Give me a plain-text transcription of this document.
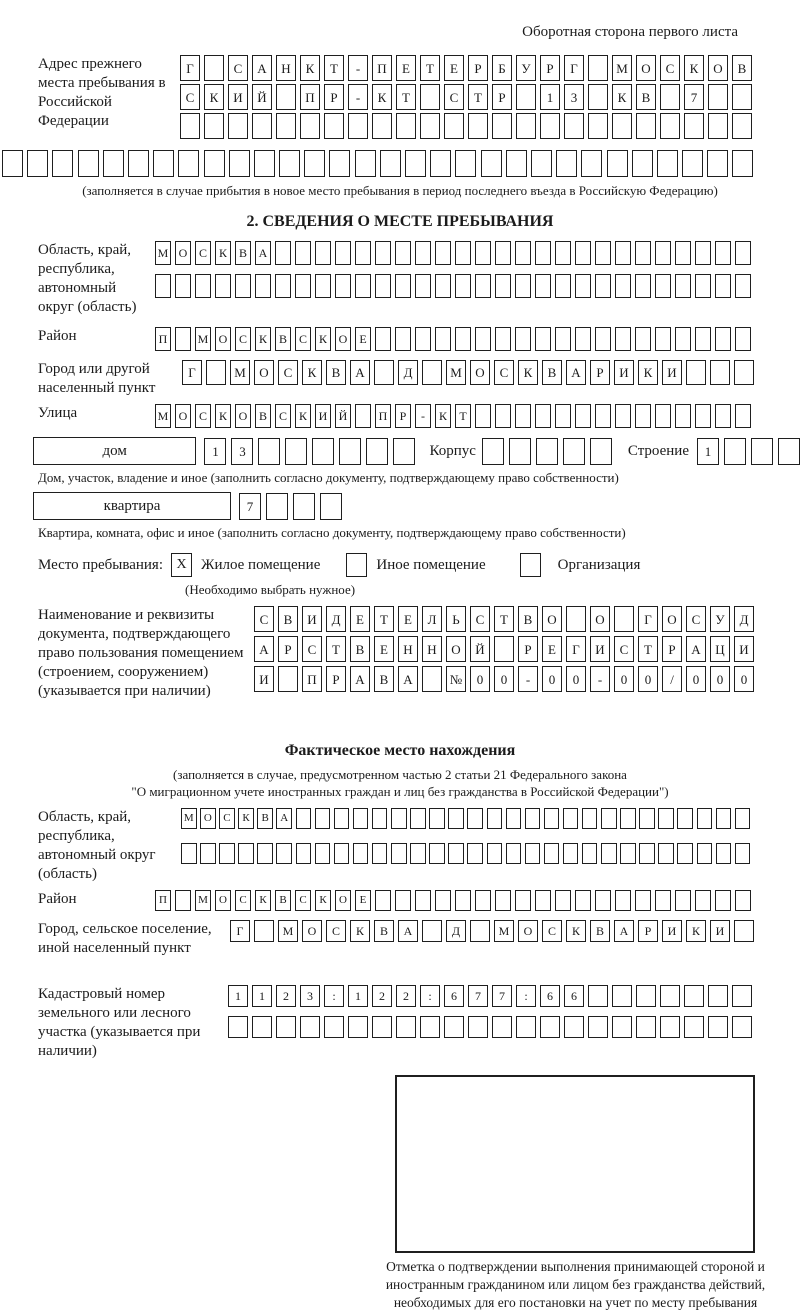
Оборотная сторона первого листа
Адрес прежнего места пребывания в Российской Федерации
Г	С	А	Н	К	Т	-	П	Е	Т	Е	Р	Б	У	Р	Г	М	О	С	К	О	В
С	К	И	Й	П	Р	-	К	Т	С	Т	Р	1	3	К	В	7
(заполняется в случае прибытия в новое место пребывания в период последнего въезда в Российскую Федерацию)
2. СВЕДЕНИЯ О МЕСТЕ ПРЕБЫВАНИЯ
Область, край, республика, автономный округ (область)
М О С К В А
Район	П	М О С К В С К О	Е
Город или другой населенный пункт
Г	М	О	С	К	В	А	Д	М	О	С	К	В	А	Р	И	К	И
Улица	М О С К О В С К И Й	П	Р	-	К	Т
дом	1	3	Корпус	Строение	1
Дом, участок, владение и иное (заполнить согласно документу, подтверждающему право собственности)
квартира	7
Квартира, комната, офис и иное (заполнить согласно документу, подтверждающему право собственности)
Место пребывания: X Жилое помещение	Иное помещение	Организация
(Необходимо выбрать нужное)
Наименование и реквизиты документа, подтверждающего право пользования помещением (строением, сооружением) (указывается при наличии)
С	В	И	Д	Е	Т	Е	Л	Ь	С	Т	В	О	О	Г	О	С	У	Д
А	Р	С	Т	В	Е	Н	Н	О	Й	Р	Е	Г	И	С	Т	Р	А	Ц	И
И	П	Р	А	В	А	№	0	0	-	0	0	-	0	0	/	0	0	0
Фактическое место нахождения
(заполняется в случае, предусмотренном частью 2 статьи 21 Федерального закона
"О миграционном учете иностранных граждан и лиц без гражданства в Российской Федерации")
Область, край, республика, автономный округ (область)
М О	С	К	В	А
Район	П	М	О	С	К	В	С	К	О	Е
Город, сельское поселение, иной населенный пункт
Г	М	О	С	К	В	А	Д	М	О	С	К	В	А	Р	И	К	И
Кадастровый номер земельного или лесного участка (указывается при наличии)
1	1	2	3	:	1	2	2	:	6	7	7	:	6	6
Отметка о подтверждении выполнения принимающей стороной и иностранным гражданином или лицом без гражданства действий, необходимых для его постановки на учет по месту пребывания
